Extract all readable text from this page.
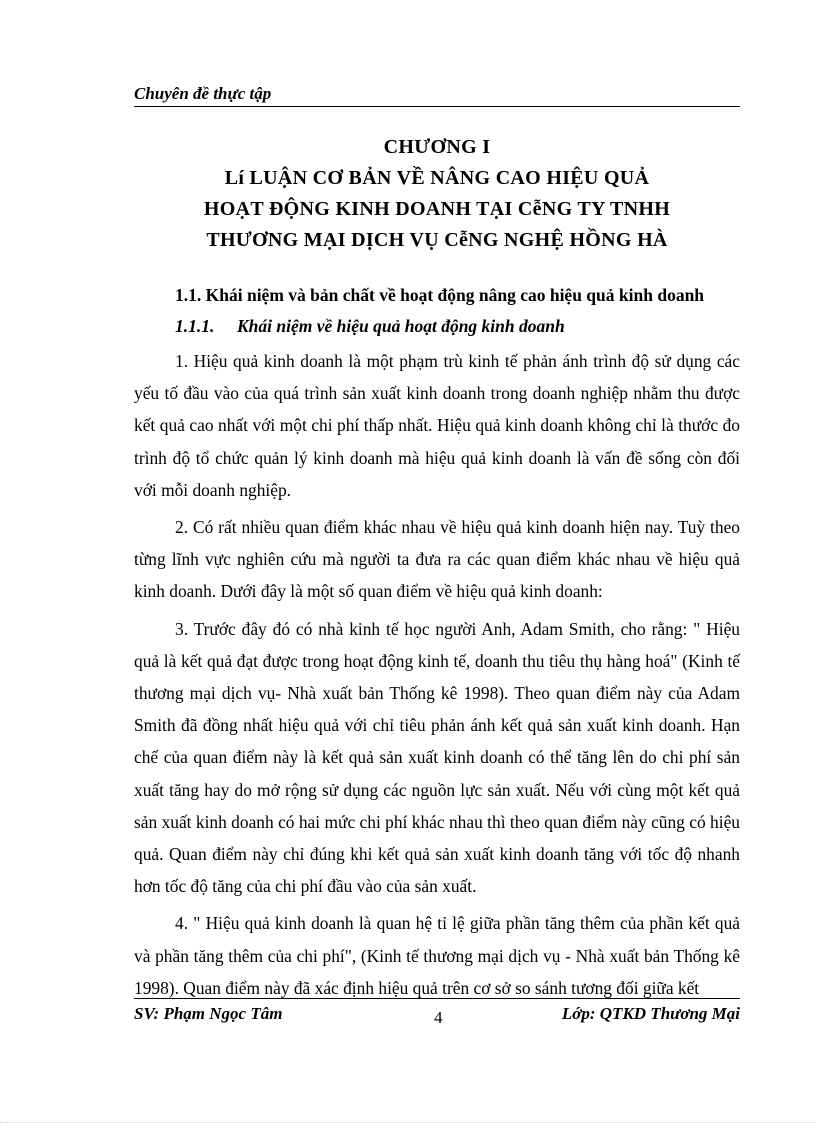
Chuyên đề thực tập
CHƯƠNG I
Lí LUẬN CƠ BẢN VỀ NÂNG CAO HIỆU QUẢ
HOẠT ĐỘNG KINH DOANH TẠI CễNG TY TNHH
THƯƠNG MẠI DỊCH VỤ CễNG NGHỆ HỒNG HÀ
1.1. Khái niệm và bản chất về hoạt động nâng cao hiệu quả kinh doanh
1.1.1. Khái niệm về hiệu quả hoạt động kinh doanh

1. Hiệu quả kinh doanh là một phạm trù kinh tế phản ánh trình độ sử dụng các yếu tố đầu vào của quá trình sản xuất kinh doanh trong doanh nghiệp nhằm thu được kết quả cao nhất với một chi phí thấp nhất. Hiệu quả kinh doanh không chỉ là thước đo trình độ tổ chức quản lý kinh doanh mà hiệu quả kinh doanh là vấn đề sống còn đối với mỗi doanh nghiệp.

2. Có rất nhiều quan điểm khác nhau về hiệu quả kinh doanh hiện nay. Tuỳ theo từng lĩnh vực nghiên cứu mà người ta đưa ra các quan điểm khác nhau về hiệu quả kinh doanh. Dưới đây là một số quan điểm về hiệu quả kinh doanh:

3. Trước đây đó có nhà kinh tế học người Anh, Adam Smith, cho rằng: " Hiệu quả là kết quả đạt được trong hoạt động kinh tế, doanh thu tiêu thụ hàng hoá" (Kinh tế thương mại dịch vụ- Nhà xuất bản Thống kê 1998). Theo quan điểm này của Adam Smith đã đồng nhất hiệu quả với chỉ tiêu phản ánh kết quả sản xuất kinh doanh. Hạn chế của quan điểm này là kết quả sản xuất kinh doanh có thể tăng lên do chi phí sản xuất tăng hay do mở rộng sử dụng các nguồn lực sản xuất. Nếu với cùng một kết quả sản xuất kinh doanh có hai mức chi phí khác nhau thì theo quan điểm này cũng có hiệu quả. Quan điểm này chỉ đúng khi kết quả sản xuất kinh doanh tăng với tốc độ nhanh hơn tốc độ tăng của chi phí đầu vào của sản xuất.

4. " Hiệu quả kinh doanh là quan hệ tỉ lệ giữa phần tăng thêm của phần kết quả và phần tăng thêm của chi phí", (Kinh tế thương mại dịch vụ - Nhà xuất bản Thống kê 1998). Quan điểm này đã xác định hiệu quả trên cơ sở so sánh tương đối giữa kết

SV: Phạm Ngọc Tâm	4	Lớp: QTKD Thương Mại
